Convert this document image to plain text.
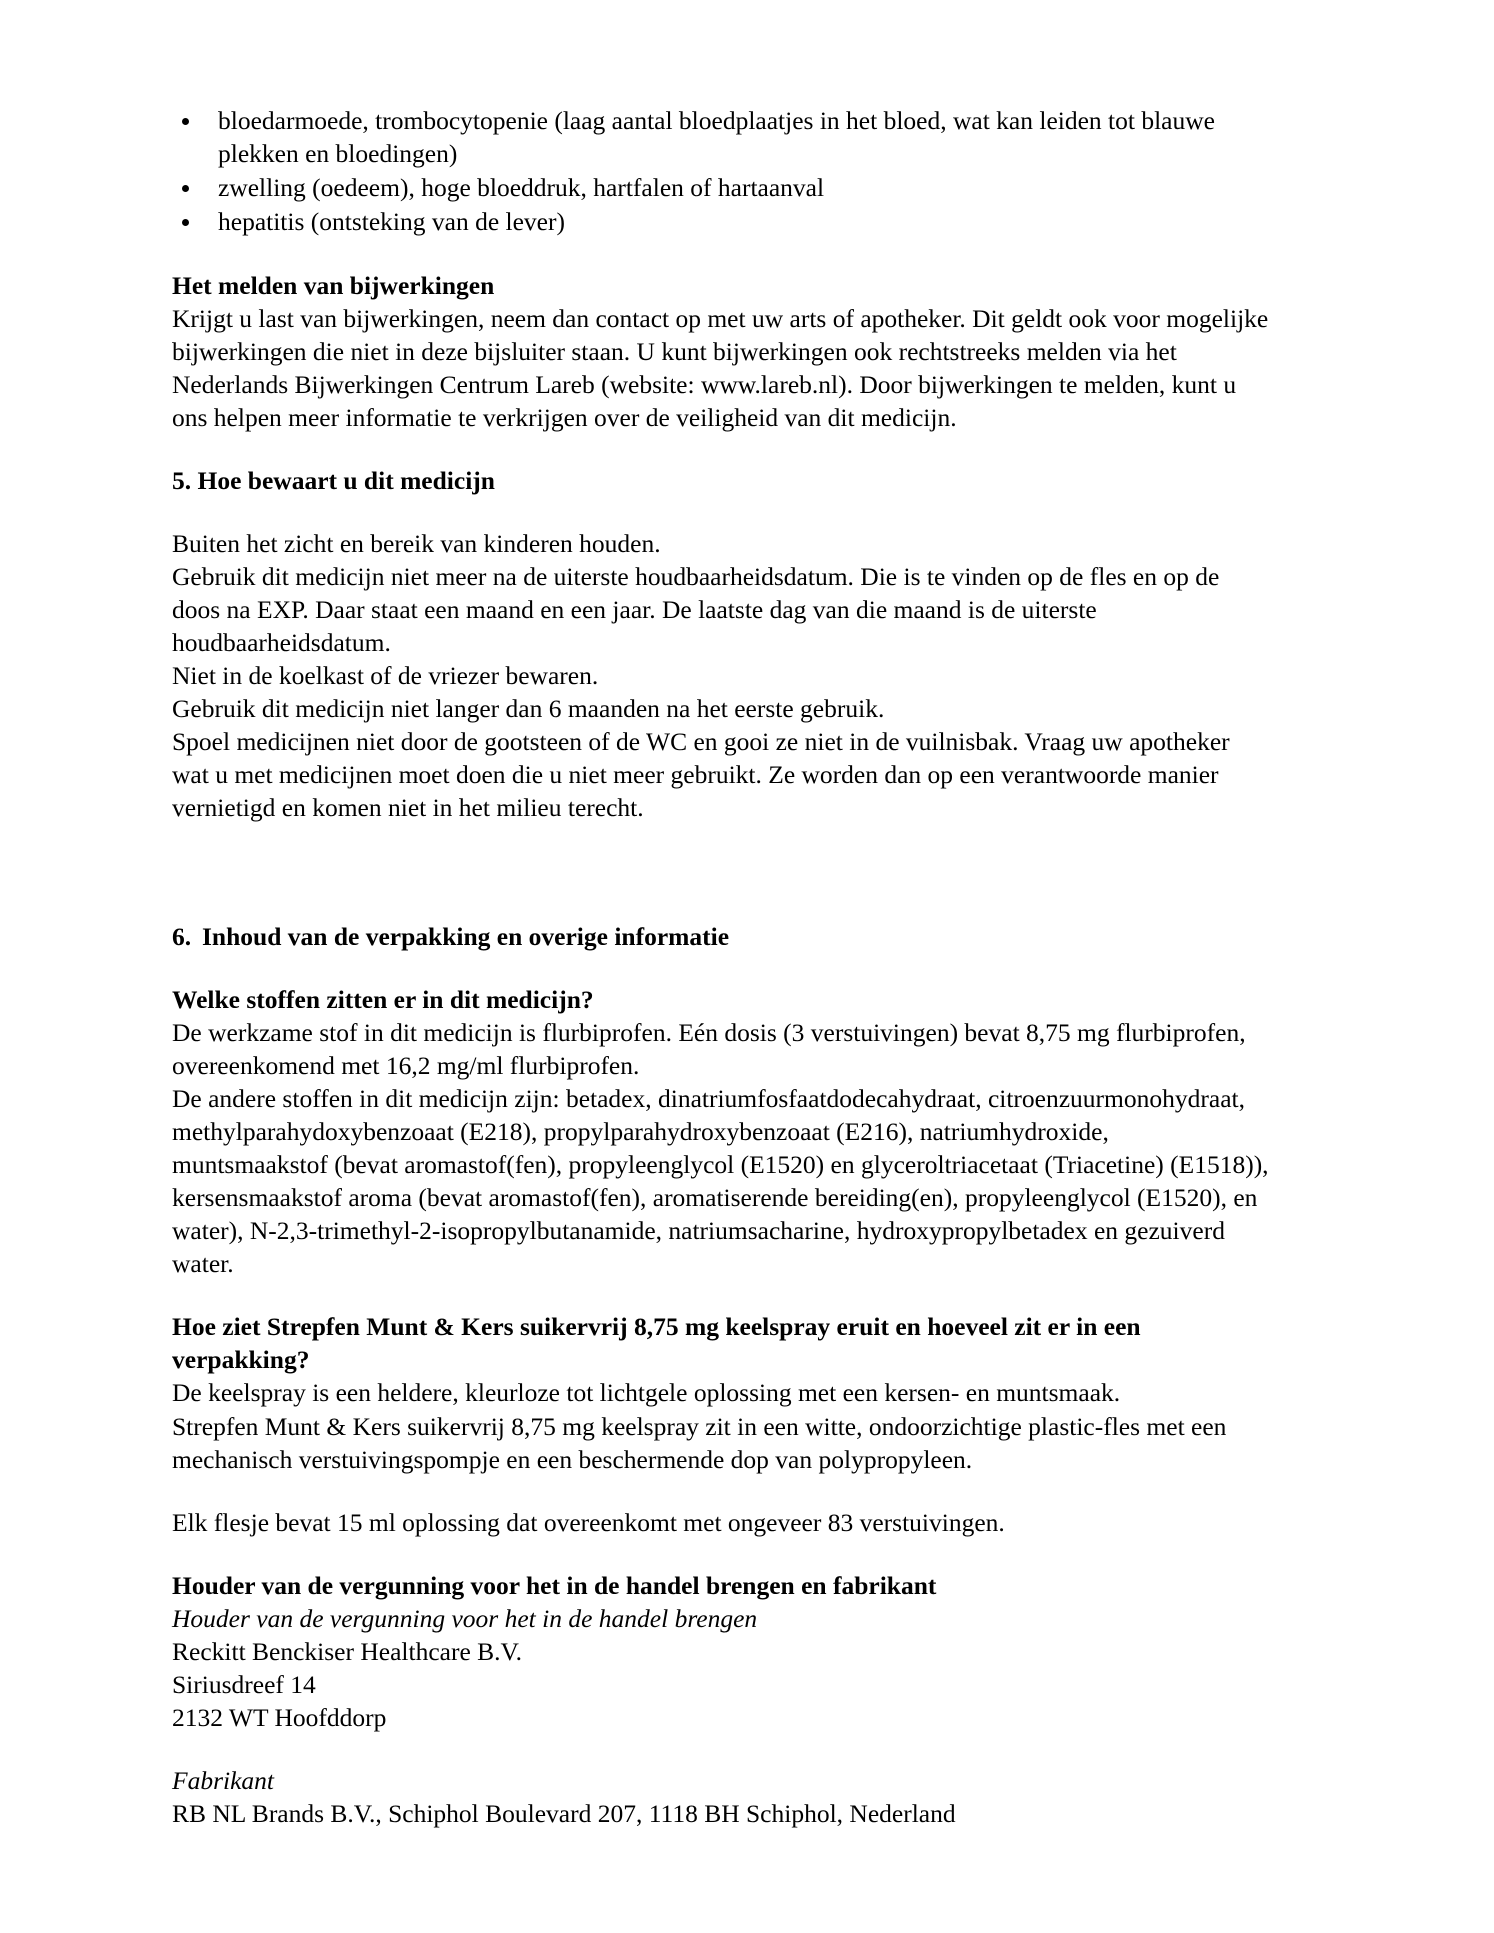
bloedarmoede, trombocytopenie (laag aantal bloedplaatjes in het bloed, wat kan leiden tot blauwe plekken en bloedingen)
zwelling (oedeem), hoge bloeddruk, hartfalen of hartaanval
hepatitis (ontsteking van de lever)

Het melden van bijwerkingen

Krijgt u last van bijwerkingen, neem dan contact op met uw arts of apotheker. Dit geldt ook voor mogelijke bijwerkingen die niet in deze bijsluiter staan. U kunt bijwerkingen ook rechtstreeks melden via het Nederlands Bijwerkingen Centrum Lareb (website: www.lareb.nl). Door bijwerkingen te melden, kunt u ons helpen meer informatie te verkrijgen over de veiligheid van dit medicijn.

5. Hoe bewaart u dit medicijn

Buiten het zicht en bereik van kinderen houden.

Gebruik dit medicijn niet meer na de uiterste houdbaarheidsdatum. Die is te vinden op de fles en op de doos na EXP. Daar staat een maand en een jaar. De laatste dag van die maand is de uiterste houdbaarheidsdatum.

Niet in de koelkast of de vriezer bewaren.

Gebruik dit medicijn niet langer dan 6 maanden na het eerste gebruik.

Spoel medicijnen niet door de gootsteen of de WC en gooi ze niet in de vuilnisbak. Vraag uw apotheker wat u met medicijnen moet doen die u niet meer gebruikt. Ze worden dan op een verantwoorde manier vernietigd en komen niet in het milieu terecht.

6. Inhoud van de verpakking en overige informatie

Welke stoffen zitten er in dit medicijn?

De werkzame stof in dit medicijn is flurbiprofen. Eén dosis (3 verstuivingen) bevat 8,75 mg flurbiprofen, overeenkomend met 16,2 mg/ml flurbiprofen.

De andere stoffen in dit medicijn zijn: betadex, dinatriumfosfaatdodecahydraat, citroenzuurmonohydraat, methylparahydoxybenzoaat (E218), propylparahydroxybenzoaat (E216), natriumhydroxide, muntsmaakstof (bevat aromastof(fen), propyleenglycol (E1520) en glyceroltriacetaat (Triacetine) (E1518)), kersensmaakstof aroma (bevat aromastof(fen), aromatiserende bereiding(en), propyleenglycol (E1520), en water), N-2,3-trimethyl-2-isopropylbutanamide, natriumsacharine, hydroxypropylbetadex en gezuiverd water.

Hoe ziet Strepfen Munt & Kers suikervrij 8,75 mg keelspray eruit en hoeveel zit er in een verpakking?

De keelspray is een heldere, kleurloze tot lichtgele oplossing met een kersen- en muntsmaak.

Strepfen Munt & Kers suikervrij 8,75 mg keelspray zit in een witte, ondoorzichtige plastic-fles met een mechanisch verstuivingspompje en een beschermende dop van polypropyleen.

Elk flesje bevat 15 ml oplossing dat overeenkomt met ongeveer 83 verstuivingen.

Houder van de vergunning voor het in de handel brengen en fabrikant

Houder van de vergunning voor het in de handel brengen

Reckitt Benckiser Healthcare B.V.

Siriusdreef 14

2132 WT Hoofddorp

Fabrikant

RB NL Brands B.V., Schiphol Boulevard 207, 1118 BH Schiphol, Nederland
